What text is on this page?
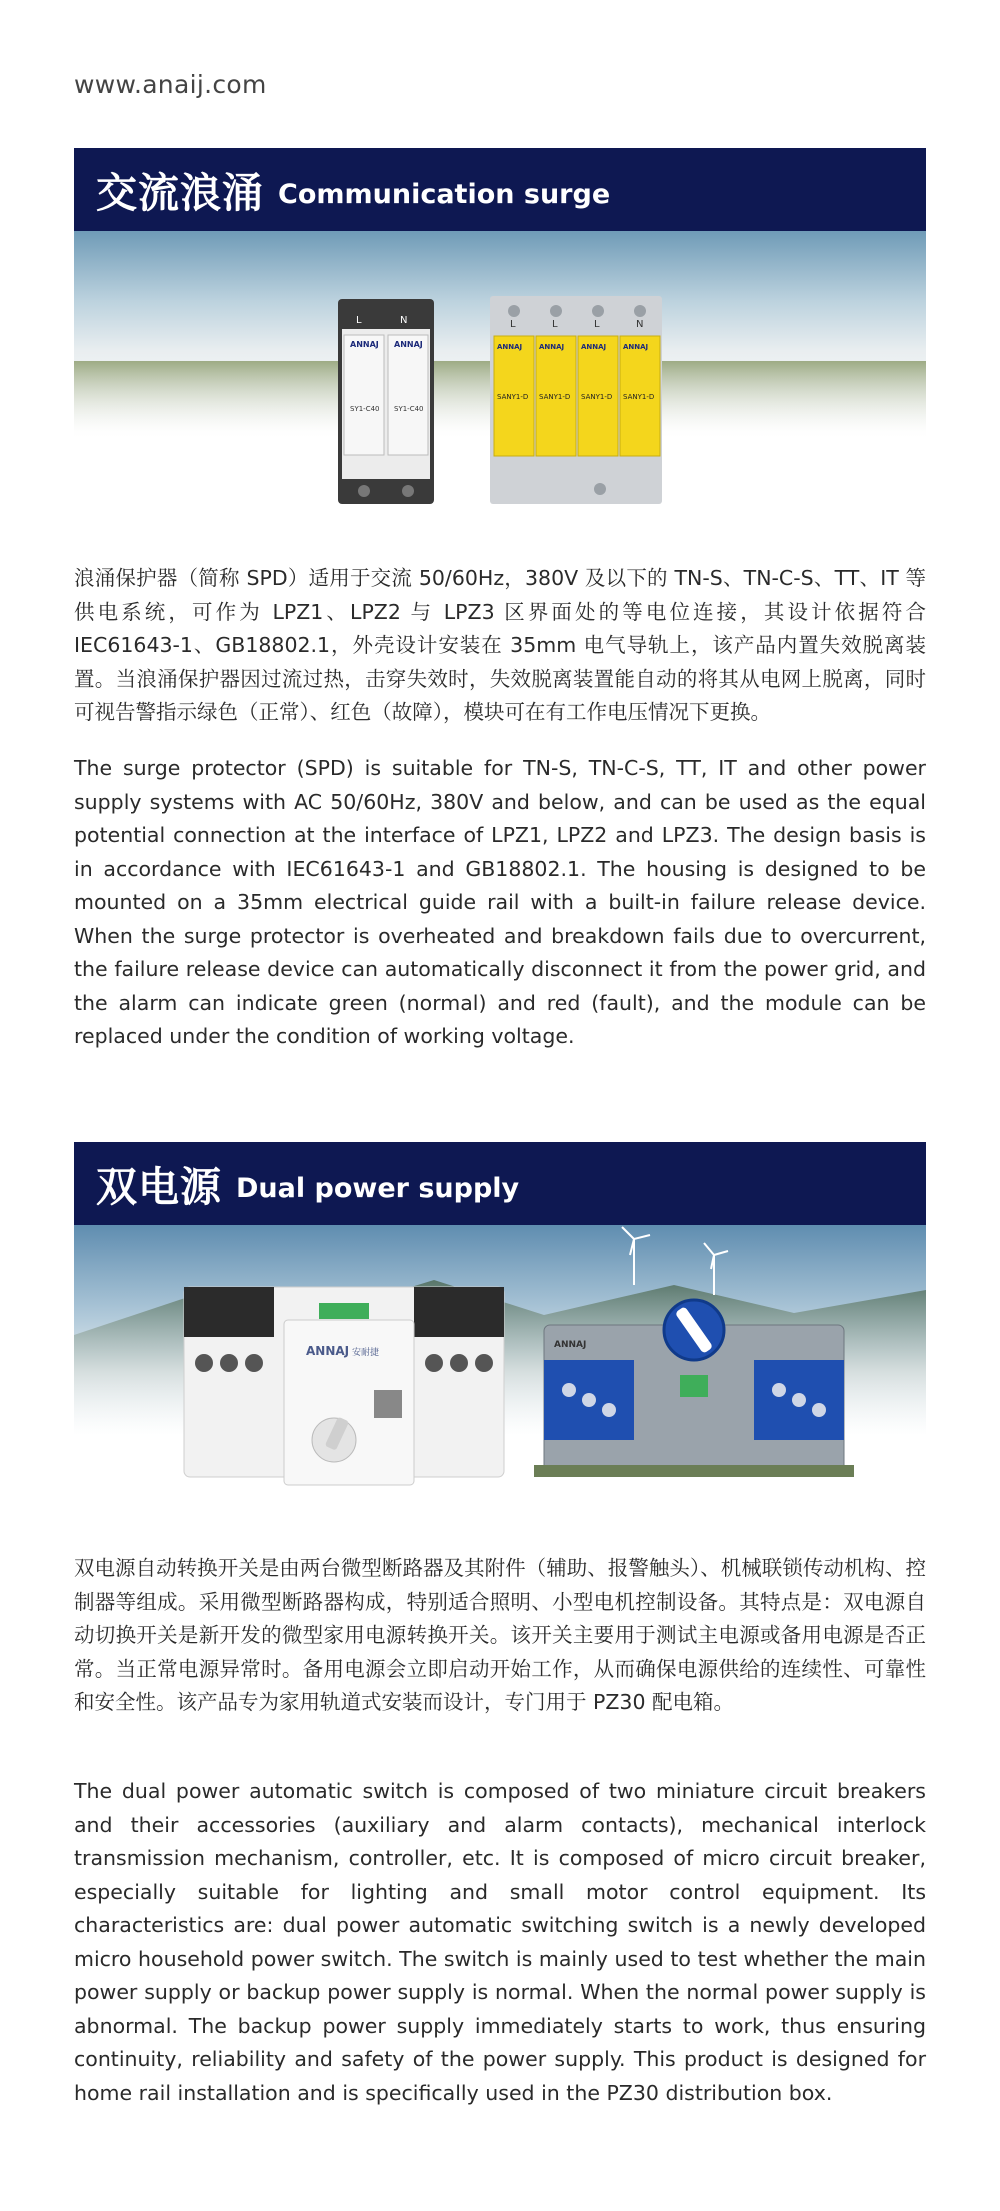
www.anaij.com
交流浪涌 Communication surge
ANNAJ ANNAJ
SY1-C40 SY1-C40
L	N
ANNAJ ANNAJ ANNAJ ANNAJ
SANY1-D SANY1-D SANY1-D SANY1-D
L	L	L	N

浪涌保护器（简称 SPD）适用于交流 50/60Hz，380V 及以下的 TN-S、TN-C-S、TT、IT 等供电系统，可作为 LPZ1、LPZ2 与 LPZ3 区界面处的等电位连接，其设计依据符合 IEC61643-1、GB18802.1，外壳设计安装在 35mm 电气导轨上，该产品内置失效脱离装置。当浪涌保护器因过流过热，击穿失效时，失效脱离装置能自动的将其从电网上脱离，同时可视告警指示绿色（正常）、红色（故障），模块可在有工作电压情况下更换。

The surge protector (SPD) is suitable for TN-S, TN-C-S, TT, IT and other power supply systems with AC 50/60Hz, 380V and below, and can be used as the equal potential connection at the interface of LPZ1, LPZ2 and LPZ3. The design basis is in accordance with IEC61643-1 and GB18802.1. The housing is designed to be mounted on a 35mm electrical guide rail with a built-in failure release device. When the surge protector is overheated and breakdown fails due to overcurrent, the failure release device can automatically disconnect it from the power grid, and the alarm can indicate green (normal) and red (fault), and the module can be replaced under the condition of working voltage.

双电源 Dual power supply
ANNAJ 安耐捷
ANNAJ

双电源自动转换开关是由两台微型断路器及其附件（辅助、报警触头）、机械联锁传动机构、控制器等组成。采用微型断路器构成，特别适合照明、小型电机控制设备。其特点是：双电源自动切换开关是新开发的微型家用电源转换开关。该开关主要用于测试主电源或备用电源是否正常。当正常电源异常时。备用电源会立即启动开始工作，从而确保电源供给的连续性、可靠性和安全性。该产品专为家用轨道式安装而设计，专门用于 PZ30 配电箱。

The dual power automatic switch is composed of two miniature circuit breakers and their accessories (auxiliary and alarm contacts), mechanical interlock transmission mechanism, controller, etc. It is composed of micro circuit breaker, especially suitable for lighting and small motor control equipment. Its characteristics are: dual power automatic switching switch is a newly developed micro household power switch. The switch is mainly used to test whether the main power supply or backup power supply is normal. When the normal power supply is abnormal. The backup power supply immediately starts to work, thus ensuring continuity, reliability and safety of the power supply. This product is designed for home rail installation and is specifically used in the PZ30 distribution box.
